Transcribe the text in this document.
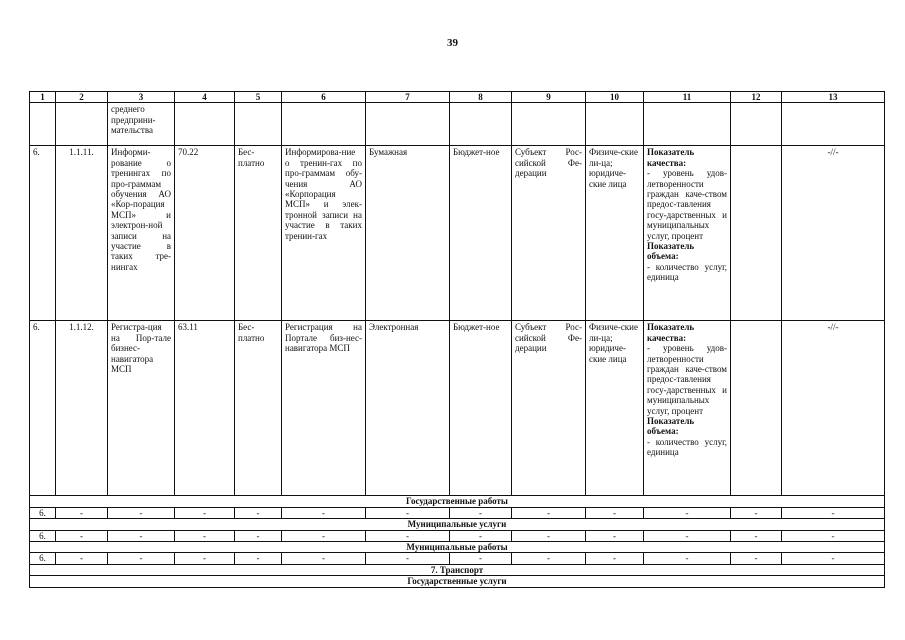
39
1	2	3	4	5	6	7	8	9	10	11	12	13
		среднего предприни-мательства										
6.	1.1.11.	Информи-рование о тренингах по про-граммам обучения АО «Кор-порация МСП» и электрон-ной записи на участие в таких тре-нингах	70.22	Бес-платно	Информирова-ние о тренин-гах по про-граммам обу-чения АО «Корпорация МСП» и элек-тронной записи на участие в таких тренин-гах	Бумажная	Бюджет-ное	Субъект Рос-сийской Фе-дерации	Физиче-ские ли-ца; юридиче-ские лица	Показатель качества:
- уровень удов-летворенности граждан каче-ством предос-тавления госу-дарственных и муниципальных услуг, процент
Показатель объема:
- количество услуг, единица		-//-
6.	1.1.12.	Регистра-ция на Пор-тале бизнес-навигатора МСП	63.11	Бес-платно	Регистрация на Портале биз-нес-навигатора МСП	Электронная	Бюджет-ное	Субъект Рос-сийской Фе-дерации	Физиче-ские ли-ца; юридиче-ские лица	Показатель качества:
- уровень удов-летворенности граждан каче-ством предос-тавления госу-дарственных и муниципальных услуг, процент
Показатель объема:
- количество услуг, единица		-//-
Государственные работы												
6.	-	-	-	-	-	-	-	-	-	-	-	-
Муниципальные услуги												
6.	-	-	-	-	-	-	-	-	-	-	-	-
Муниципальные работы												
6.	-	-	-	-	-	-	-	-	-	-	-	-
7. Транспорт												
Государственные услуги												
